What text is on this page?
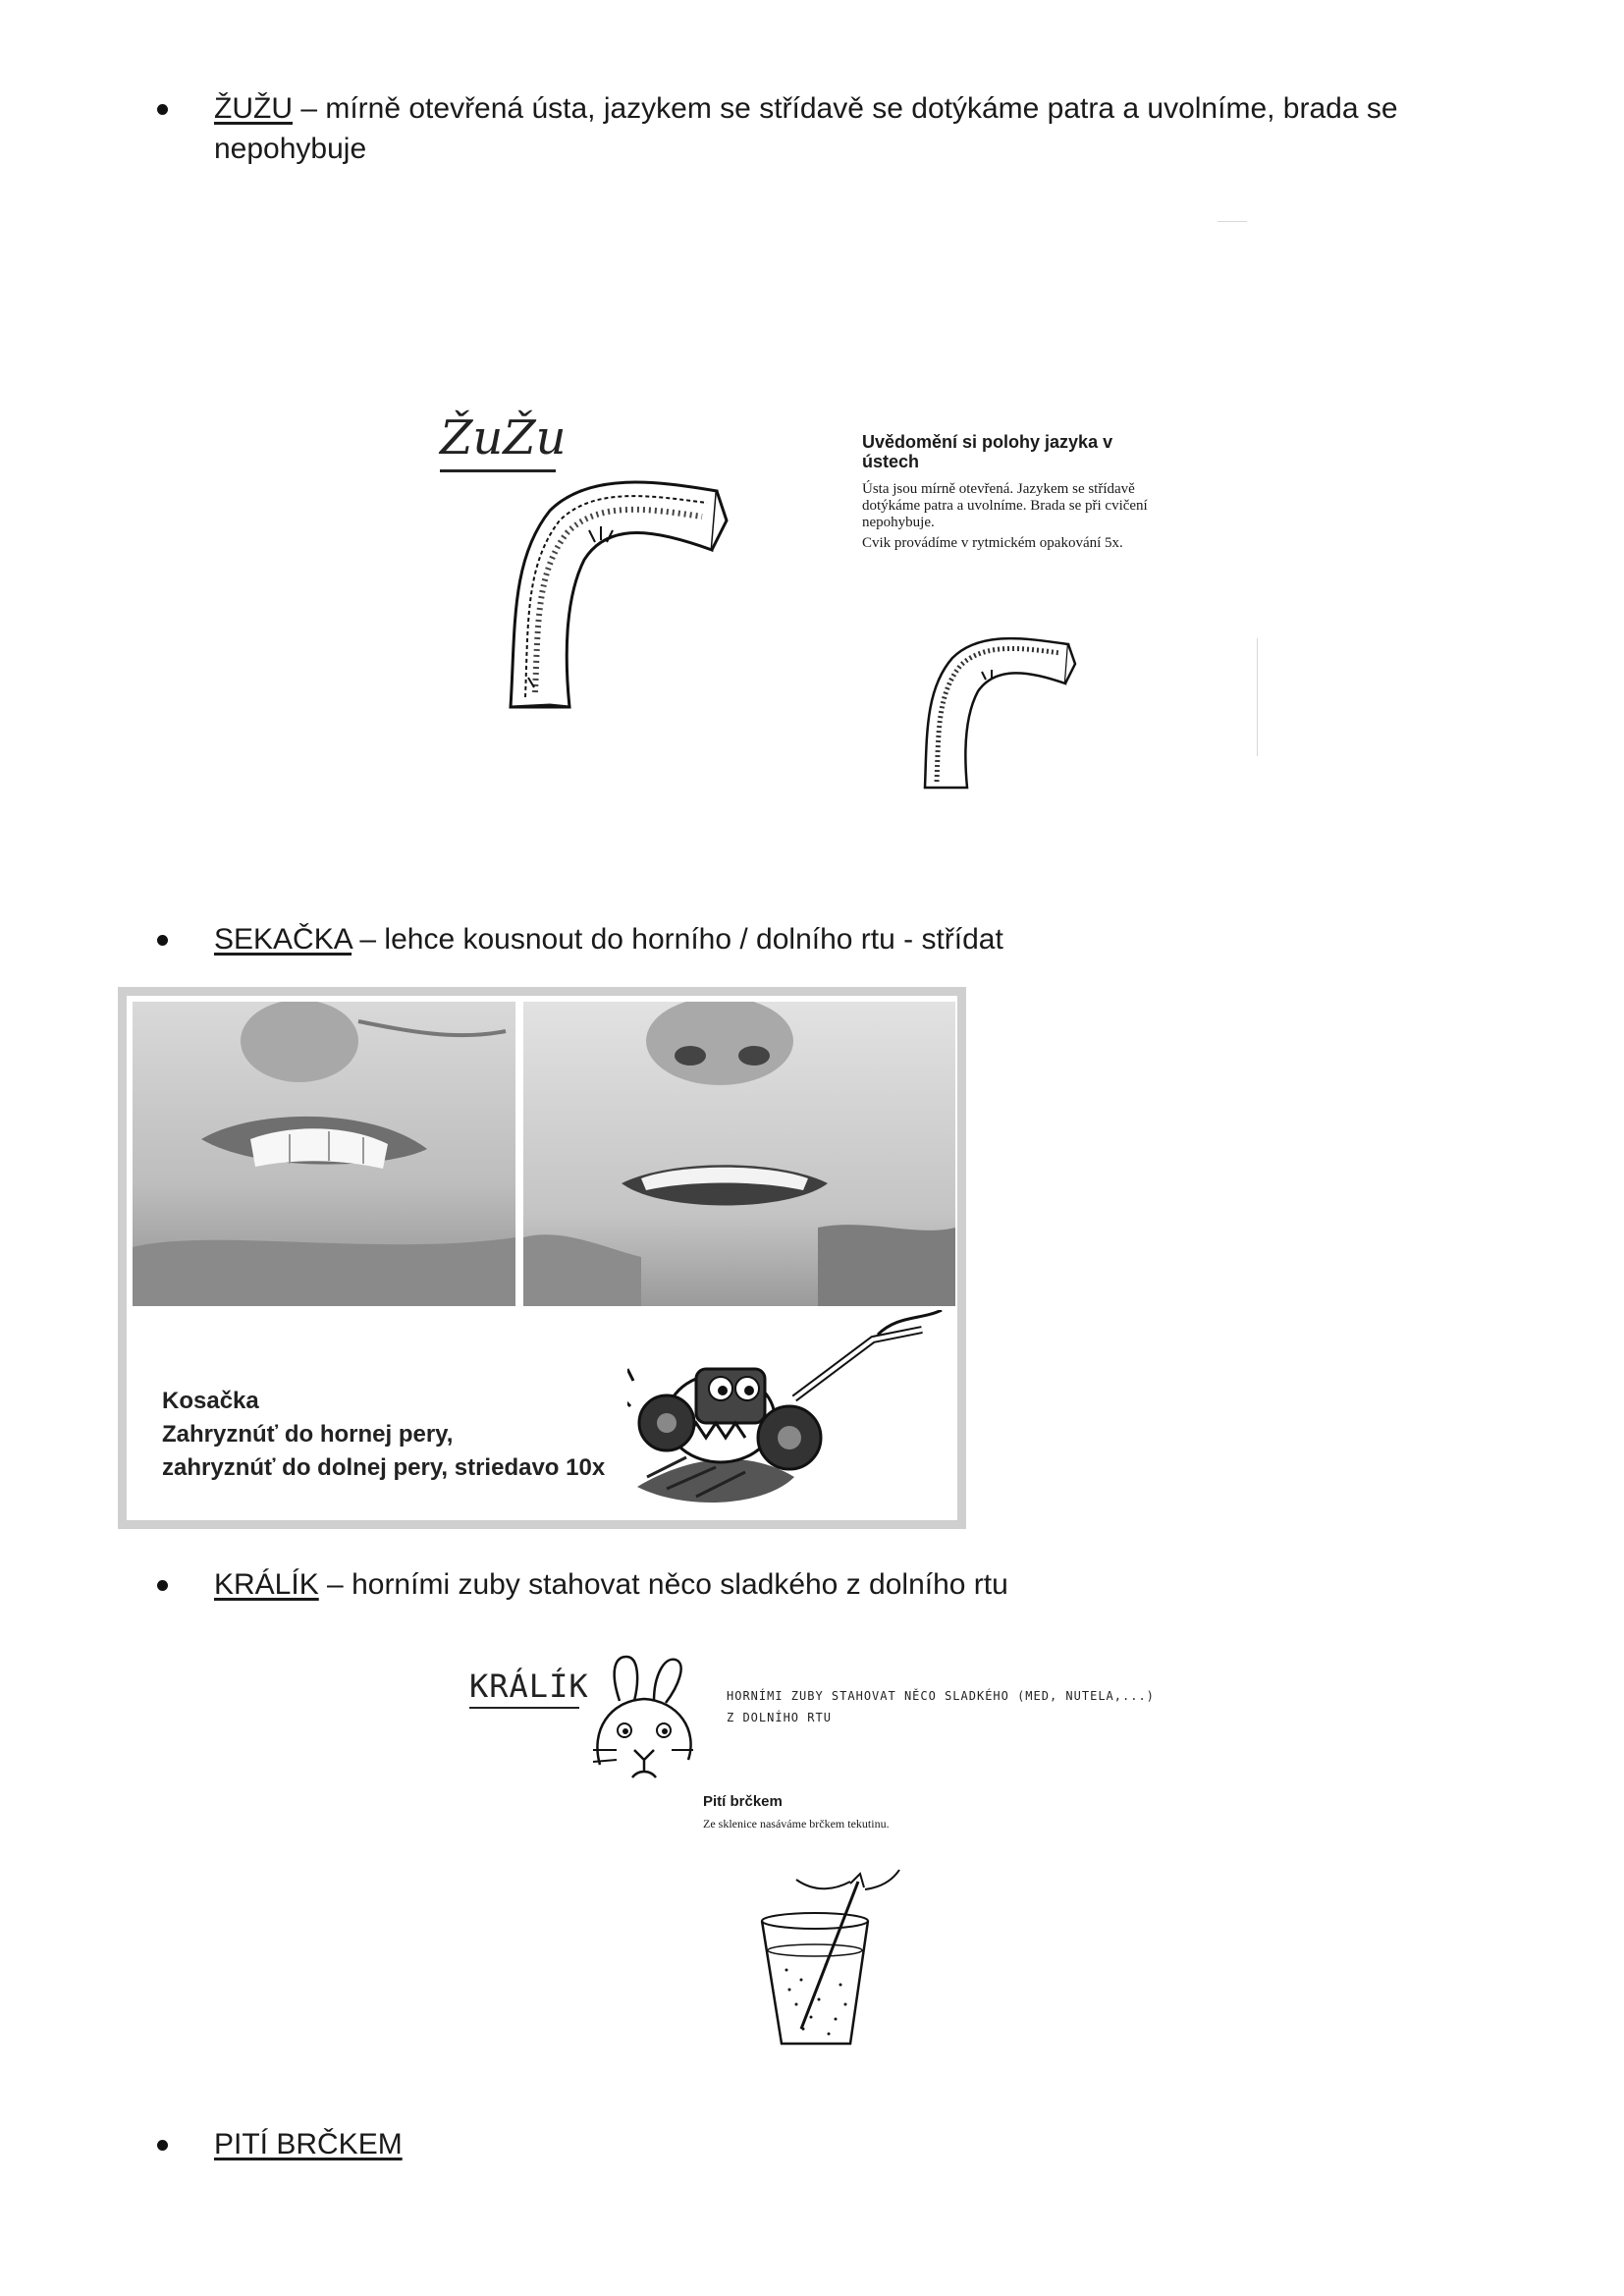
ŽUŽU – mírně otevřená ústa, jazykem se střídavě se dotýkáme patra a uvolníme, brada se
nepohybuje
ŽuŽu	Uvědomění si polohy jazyka v ústech
Ústa jsou mírně otevřená. Jazykem se střídavě dotýkáme patra a uvolníme. Brada se při cvičení nepohybuje.
Cvik provádíme v rytmickém opakování 5x.
SEKAČKA – lehce kousnout do horního / dolního rtu - střídat
Kosačka
Zahryznúť do hornej pery,
zahryznúť do dolnej pery, striedavo 10x
KRÁLÍK – horními zuby stahovat něco sladkého z dolního rtu
KRÁLÍK	HORNÍMI ZUBY STAHOVAT NĚCO SLADKÉHO (MED, NUTELA,...)
Z DOLNÍHO RTU
Pití brčkem
Ze sklenice nasáváme brčkem tekutinu.
PITÍ BRČKEM
